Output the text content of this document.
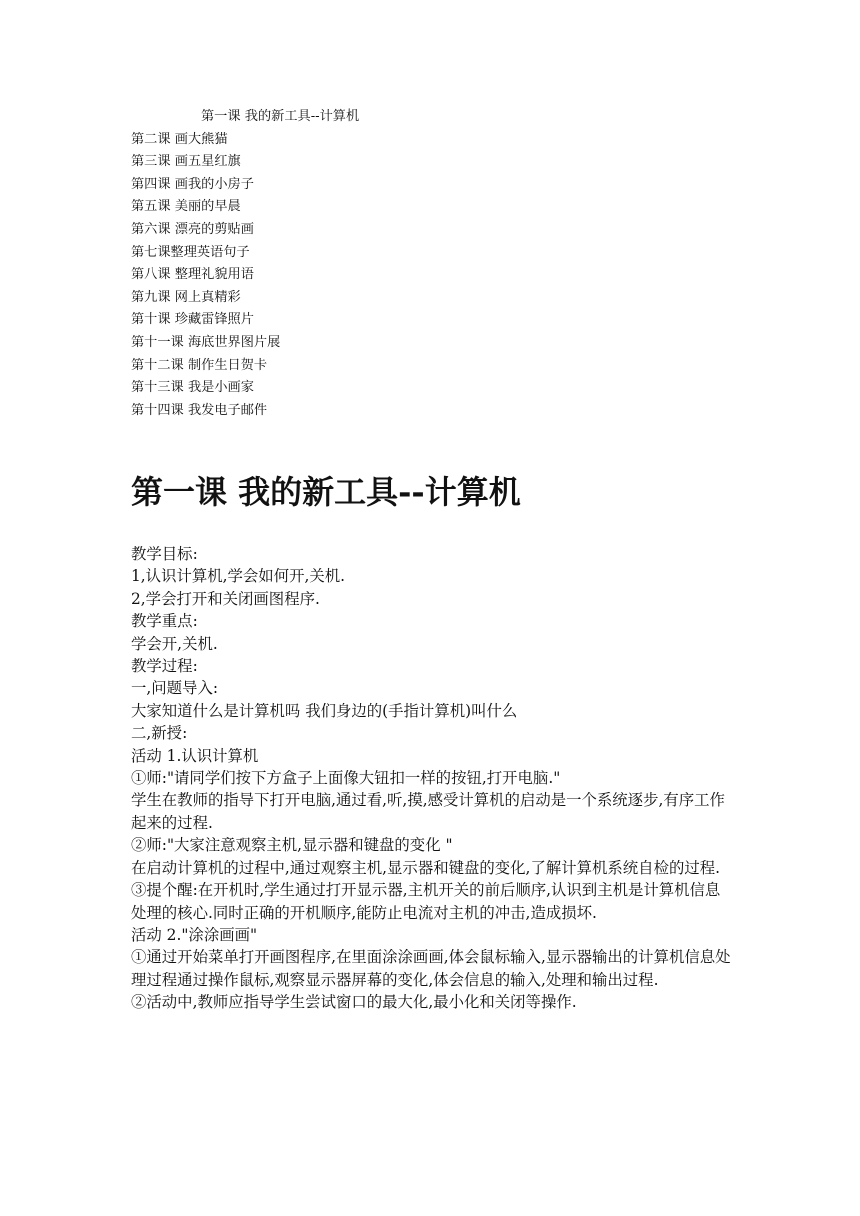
第一课 我的新工具--计算机
第二课 画大熊猫
第三课 画五星红旗
第四课 画我的小房子
第五课 美丽的早晨
第六课 漂亮的剪贴画
第七课整理英语句子
第八课 整理礼貌用语
第九课 网上真精彩
第十课 珍藏雷锋照片
第十一课 海底世界图片展
第十二课 制作生日贺卡
第十三课 我是小画家
第十四课 我发电子邮件
第一课 我的新工具--计算机

教学目标:

1,认识计算机,学会如何开,关机.

2,学会打开和关闭画图程序.

教学重点:

学会开,关机.

教学过程:

一,问题导入:

大家知道什么是计算机吗 我们身边的(手指计算机)叫什么

二,新授:

活动 1.认识计算机

①师:"请同学们按下方盒子上面像大钮扣一样的按钮,打开电脑."

学生在教师的指导下打开电脑,通过看,听,摸,感受计算机的启动是一个系统逐步,有序工作起来的过程.

②师:"大家注意观察主机,显示器和键盘的变化 "

在启动计算机的过程中,通过观察主机,显示器和键盘的变化,了解计算机系统自检的过程.

③提个醒:在开机时,学生通过打开显示器,主机开关的前后顺序,认识到主机是计算机信息处理的核心.同时正确的开机顺序,能防止电流对主机的冲击,造成损坏.

活动 2."涂涂画画"

①通过开始菜单打开画图程序,在里面涂涂画画,体会鼠标输入,显示器输出的计算机信息处理过程通过操作鼠标,观察显示器屏幕的变化,体会信息的输入,处理和输出过程.

②活动中,教师应指导学生尝试窗口的最大化,最小化和关闭等操作.
